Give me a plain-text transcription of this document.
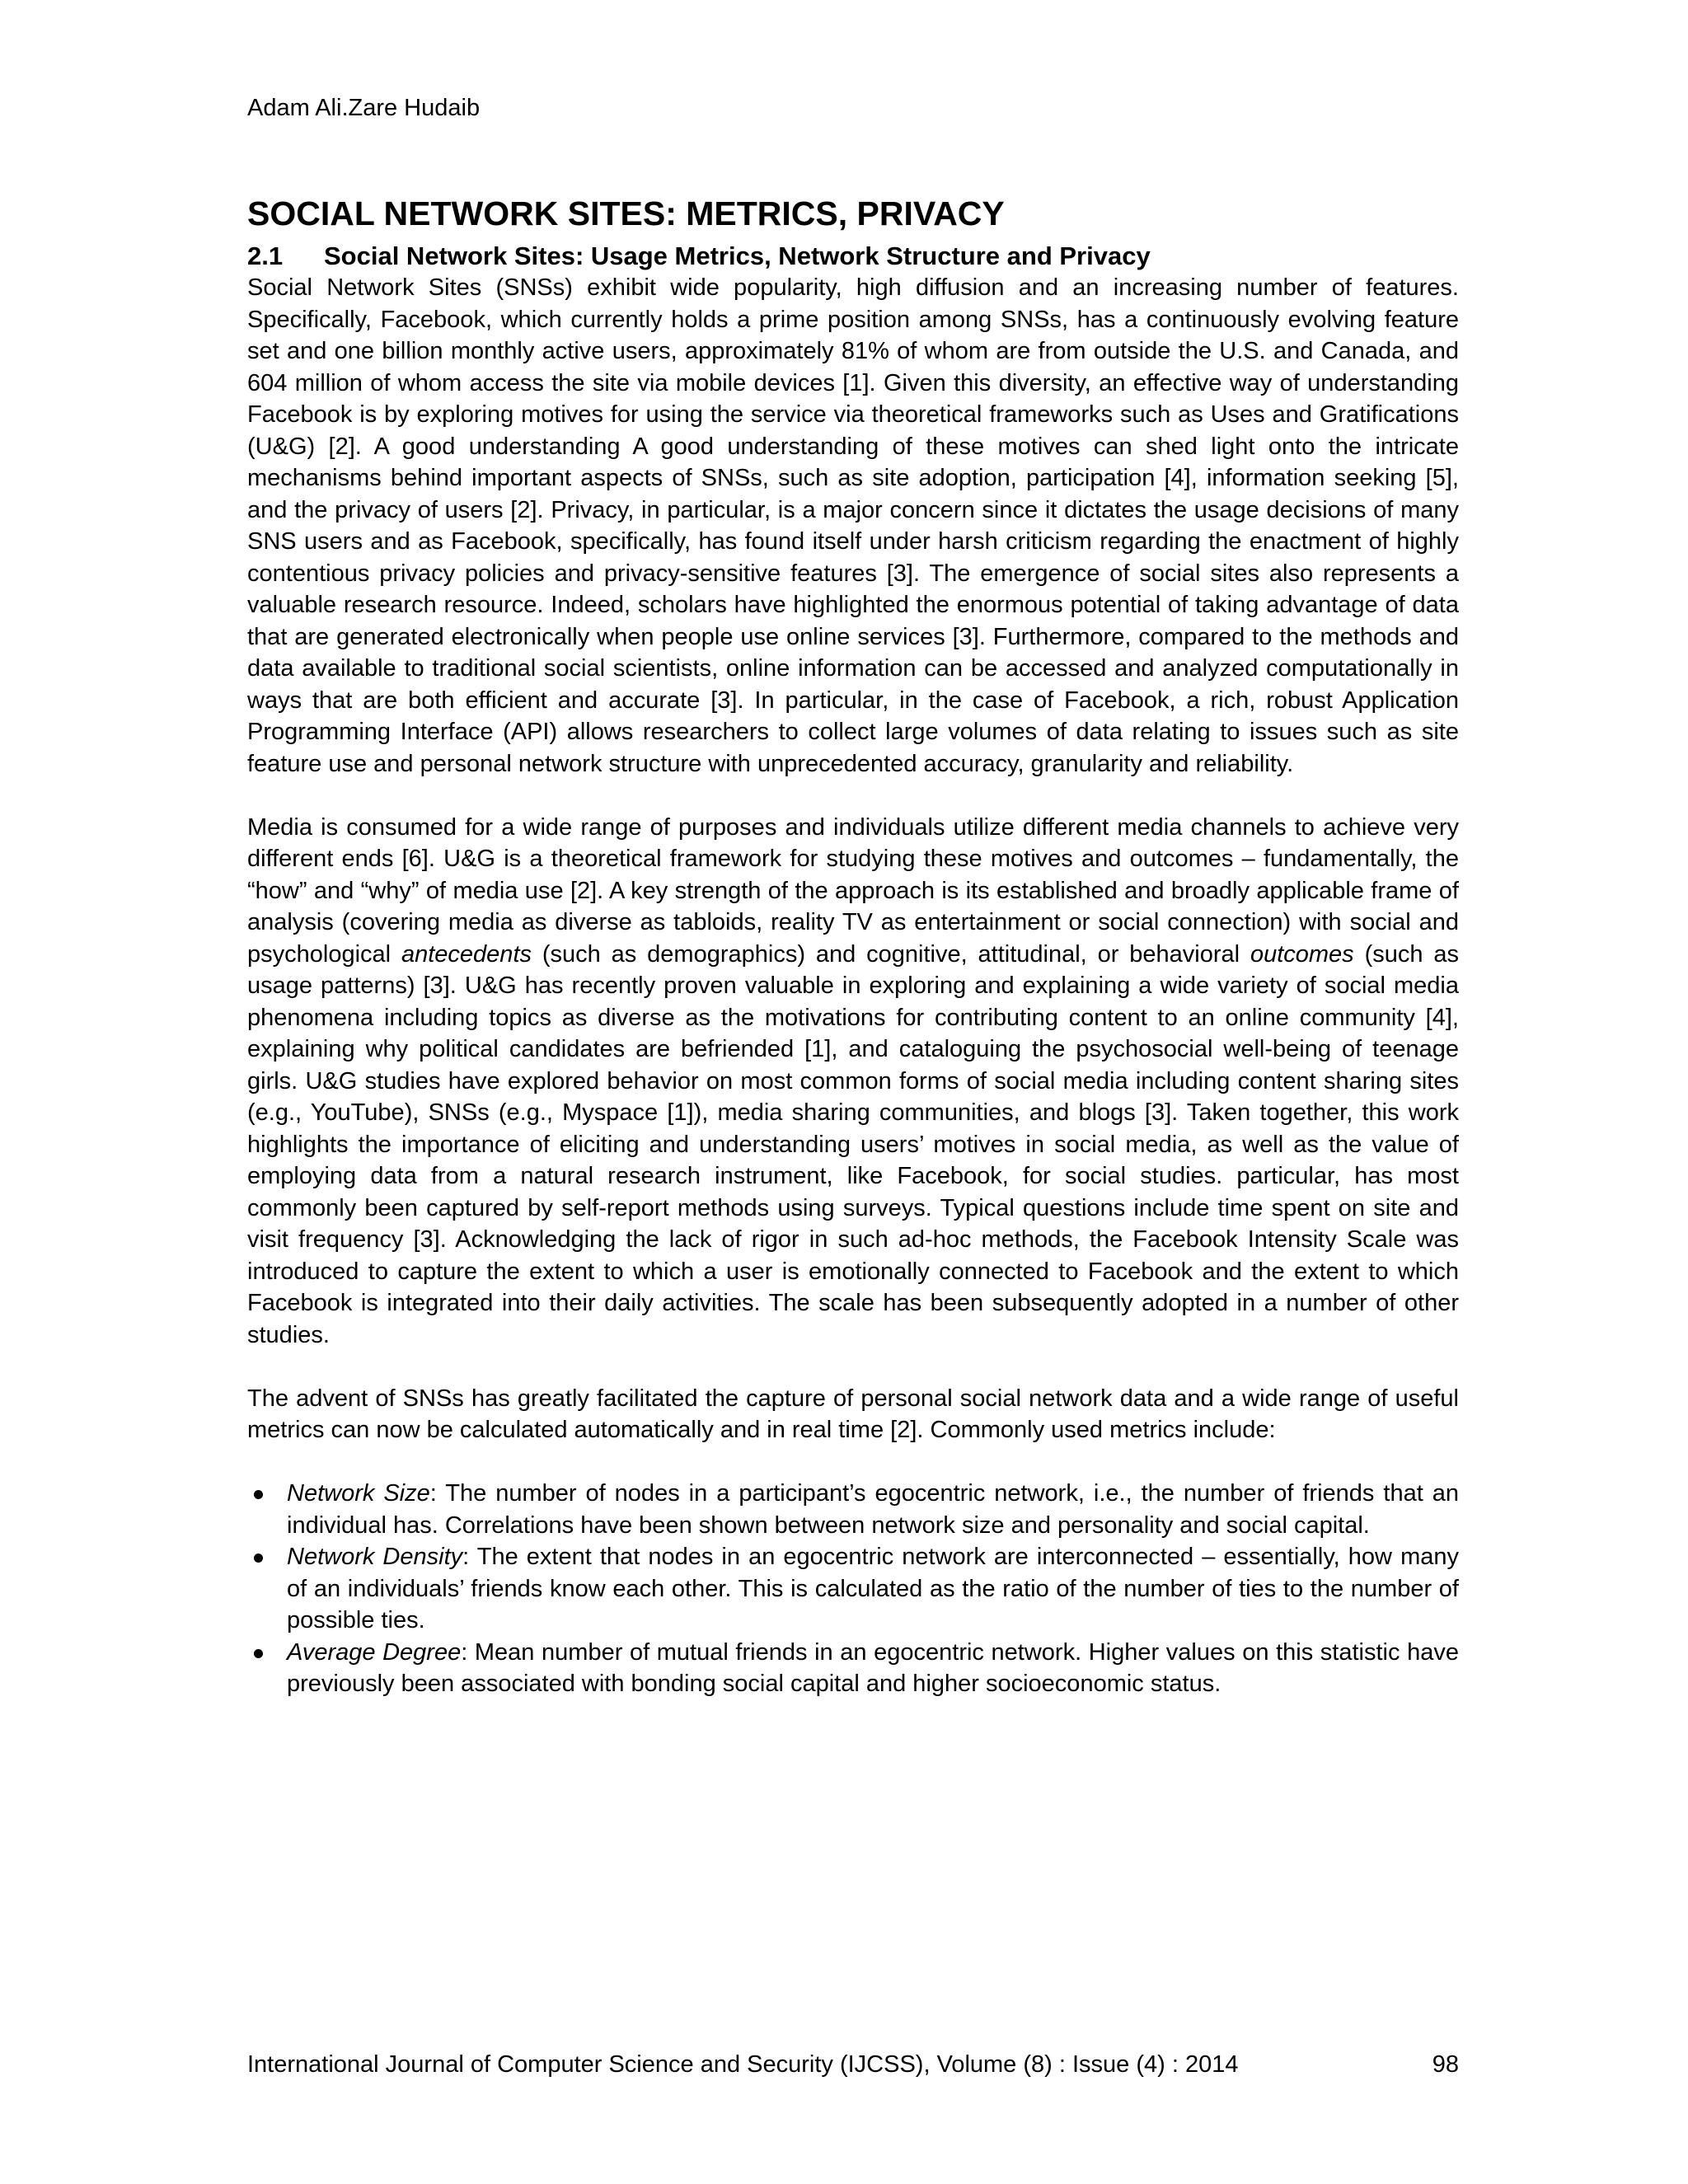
Adam Ali.Zare Hudaib
SOCIAL NETWORK SITES: METRICS, PRIVACY
2.1	Social Network Sites: Usage Metrics, Network Structure and Privacy

Social Network Sites (SNSs) exhibit wide popularity, high diffusion and an increasing number of features. Specifically, Facebook, which currently holds a prime position among SNSs, has a continuously evolving feature set and one billion monthly active users, approximately 81% of whom are from outside the U.S. and Canada, and 604 million of whom access the site via mobile devices [1]. Given this diversity, an effective way of understanding Facebook is by exploring motives for using the service via theoretical frameworks such as Uses and Gratifications (U&G) [2]. A good understanding A good understanding of these motives can shed light onto the intricate mechanisms behind important aspects of SNSs, such as site adoption, participation [4], information seeking [5], and the privacy of users [2]. Privacy, in particular, is a major concern since it dictates the usage decisions of many SNS users and as Facebook, specifically, has found itself under harsh criticism regarding the enactment of highly contentious privacy policies and privacy-sensitive features [3]. The emergence of social sites also represents a valuable research resource. Indeed, scholars have highlighted the enormous potential of taking advantage of data that are generated electronically when people use online services [3]. Furthermore, compared to the methods and data available to traditional social scientists, online information can be accessed and analyzed computationally in ways that are both efficient and accurate [3]. In particular, in the case of Facebook, a rich, robust Application Programming Interface (API) allows researchers to collect large volumes of data relating to issues such as site feature use and personal network structure with unprecedented accuracy, granularity and reliability.

Media is consumed for a wide range of purposes and individuals utilize different media channels to achieve very different ends [6]. U&G is a theoretical framework for studying these motives and outcomes – fundamentally, the “how” and “why” of media use [2]. A key strength of the approach is its established and broadly applicable frame of analysis (covering media as diverse as tabloids, reality TV as entertainment or social connection) with social and psychological antecedents (such as demographics) and cognitive, attitudinal, or behavioral outcomes (such as usage patterns) [3]. U&G has recently proven valuable in exploring and explaining a wide variety of social media phenomena including topics as diverse as the motivations for contributing content to an online community [4], explaining why political candidates are befriended [1], and cataloguing the psychosocial well-being of teenage girls. U&G studies have explored behavior on most common forms of social media including content sharing sites (e.g., YouTube), SNSs (e.g., Myspace [1]), media sharing communities, and blogs [3]. Taken together, this work highlights the importance of eliciting and understanding users’ motives in social media, as well as the value of employing data from a natural research instrument, like Facebook, for social studies. particular, has most commonly been captured by self-report methods using surveys. Typical questions include time spent on site and visit frequency [3]. Acknowledging the lack of rigor in such ad-hoc methods, the Facebook Intensity Scale was introduced to capture the extent to which a user is emotionally connected to Facebook and the extent to which Facebook is integrated into their daily activities. The scale has been subsequently adopted in a number of other studies.

The advent of SNSs has greatly facilitated the capture of personal social network data and a wide range of useful metrics can now be calculated automatically and in real time [2]. Commonly used metrics include:

Network Size: The number of nodes in a participant’s egocentric network, i.e., the number of friends that an individual has. Correlations have been shown between network size and personality and social capital.
Network Density: The extent that nodes in an egocentric network are interconnected – essentially, how many of an individuals’ friends know each other. This is calculated as the ratio of the number of ties to the number of possible ties.
Average Degree: Mean number of mutual friends in an egocentric network. Higher values on this statistic have previously been associated with bonding social capital and higher socioeconomic status.
International Journal of Computer Science and Security (IJCSS), Volume (8) : Issue (4) : 2014	98
